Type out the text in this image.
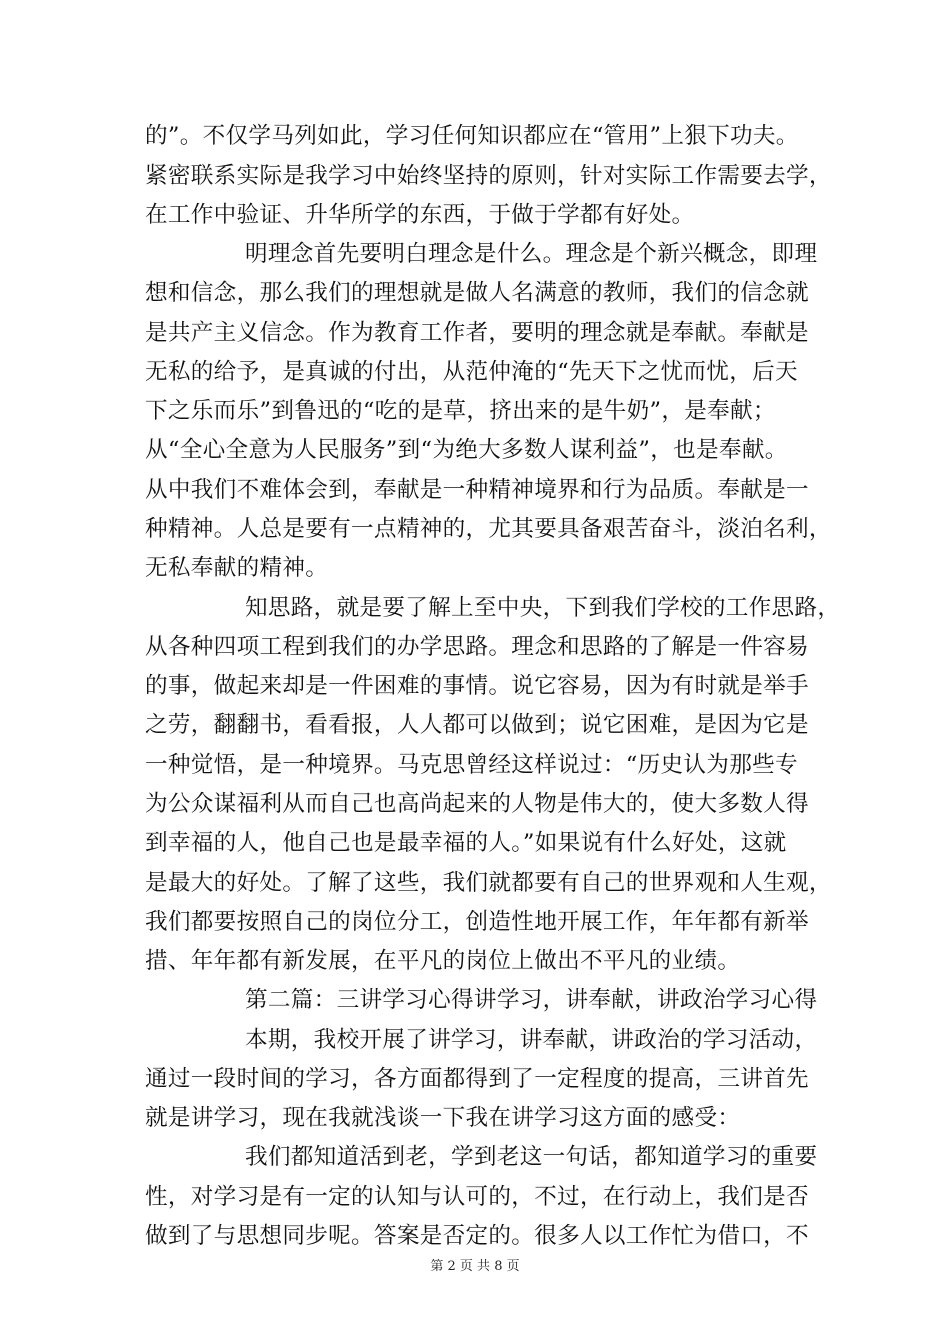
的”。不仅学马列如此，学习任何知识都应在“管用”上狠下功夫。
紧密联系实际是我学习中始终坚持的原则，针对实际工作需要去学，
在工作中验证、升华所学的东西，于做于学都有好处。
明理念首先要明白理念是什么。理念是个新兴概念，即理
想和信念，那么我们的理想就是做人名满意的教师，我们的信念就
是共产主义信念。作为教育工作者，要明的理念就是奉献。奉献是
无私的给予，是真诚的付出，从范仲淹的“先天下之忧而忧，后天
下之乐而乐”到鲁迅的“吃的是草，挤出来的是牛奶”，是奉献；
从“全心全意为人民服务”到“为绝大多数人谋利益”，也是奉献。
从中我们不难体会到，奉献是一种精神境界和行为品质。奉献是一
种精神。人总是要有一点精神的，尤其要具备艰苦奋斗，淡泊名利，
无私奉献的精神。
知思路，就是要了解上至中央，下到我们学校的工作思路，
从各种四项工程到我们的办学思路。理念和思路的了解是一件容易
的事，做起来却是一件困难的事情。说它容易，因为有时就是举手
之劳，翻翻书，看看报，人人都可以做到；说它困难，是因为它是
一种觉悟，是一种境界。马克思曾经这样说过：“历史认为那些专
为公众谋福利从而自己也高尚起来的人物是伟大的，使大多数人得
到幸福的人，他自己也是最幸福的人。”如果说有什么好处，这就
是最大的好处。了解了这些，我们就都要有自己的世界观和人生观，
我们都要按照自己的岗位分工，创造性地开展工作，年年都有新举
措、年年都有新发展，在平凡的岗位上做出不平凡的业绩。
第二篇：三讲学习心得讲学习，讲奉献，讲政治学习心得
本期，我校开展了讲学习，讲奉献，讲政治的学习活动，
通过一段时间的学习，各方面都得到了一定程度的提高，三讲首先
就是讲学习，现在我就浅谈一下我在讲学习这方面的感受：
我们都知道活到老，学到老这一句话，都知道学习的重要
性，对学习是有一定的认知与认可的，不过，在行动上，我们是否
做到了与思想同步呢。答案是否定的。很多人以工作忙为借口，不
第 2 页 共 8 页
